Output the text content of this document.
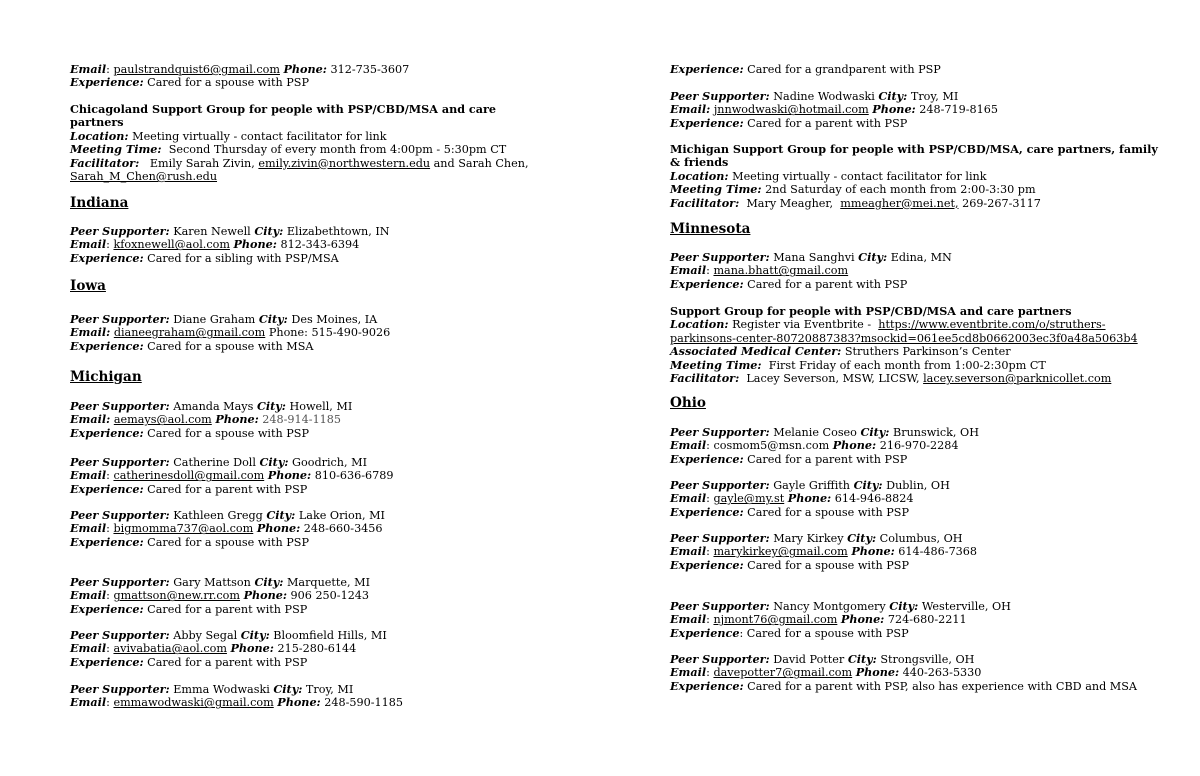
Email: paulstrandquist6@gmail.com Phone: 312-735-3607
Experience: Cared for a spouse with PSP
Chicagoland Support Group for people with PSP/CBD/MSA and care
partners
Location: Meeting virtually - contact facilitator for link
Meeting Time: Second Thursday of every month from 4:00pm - 5:30pm CT
Facilitator: Emily Sarah Zivin, emily.zivin@northwestern.edu and Sarah Chen,
Sarah_M_Chen@rush.edu
Indiana
Peer Supporter: Karen Newell City: Elizabethtown, IN
Email: kfoxnewell@aol.com Phone: 812-343-6394
Experience: Cared for a sibling with PSP/MSA
Iowa
Peer Supporter: Diane Graham City: Des Moines, IA
Email: dianeegraham@gmail.com Phone: 515-490-9026
Experience: Cared for a spouse with MSA
Michigan
Peer Supporter: Amanda Mays City: Howell, MI
Email: aemays@aol.com Phone: 248-914-1185
Experience: Cared for a spouse with PSP
Peer Supporter: Catherine Doll City: Goodrich, MI
Email: catherinesdoll@gmail.com Phone: 810-636-6789
Experience: Cared for a parent with PSP
Peer Supporter: Kathleen Gregg City: Lake Orion, MI
Email: bigmomma737@aol.com Phone: 248-660-3456
Experience: Cared for a spouse with PSP
Peer Supporter: Gary Mattson City: Marquette, MI
Email: gmattson@new.rr.com Phone: 906 250-1243
Experience: Cared for a parent with PSP
Peer Supporter: Abby Segal City: Bloomfield Hills, MI
Email: avivabatia@aol.com Phone: 215-280-6144
Experience: Cared for a parent with PSP
Peer Supporter: Emma Wodwaski City: Troy, MI
Email: emmawodwaski@gmail.com Phone: 248-590-1185
Experience: Cared for a grandparent with PSP
Peer Supporter: Nadine Wodwaski City: Troy, MI
Email: jnnwodwaski@hotmail.com Phone: 248-719-8165
Experience: Cared for a parent with PSP
Michigan Support Group for people with PSP/CBD/MSA, care partners, family
& friends
Location: Meeting virtually - contact facilitator for link
Meeting Time: 2nd Saturday of each month from 2:00-3:30 pm
Facilitator: Mary Meagher, mmeagher@mei.net, 269-267-3117
Minnesota
Peer Supporter: Mana Sanghvi City: Edina, MN
Email: mana.bhatt@gmail.com
Experience: Cared for a parent with PSP
Support Group for people with PSP/CBD/MSA and care partners
Location: Register via Eventbrite - https://www.eventbrite.com/o/struthers-
parkinsons-center-80720887383?msockid=061ee5cd8b0662003ec3f0a48a5063b4
Associated Medical Center: Struthers Parkinson’s Center
Meeting Time: First Friday of each month from 1:00-2:30pm CT
Facilitator: Lacey Severson, MSW, LICSW, lacey.severson@parknicollet.com
Ohio
Peer Supporter: Melanie Coseo City: Brunswick, OH
Email: cosmom5@msn.com Phone: 216-970-2284
Experience: Cared for a parent with PSP
Peer Supporter: Gayle Griffith City: Dublin, OH
Email: gayle@my.st Phone: 614-946-8824
Experience: Cared for a spouse with PSP
Peer Supporter: Mary Kirkey City: Columbus, OH
Email: marykirkey@gmail.com Phone: 614-486-7368
Experience: Cared for a spouse with PSP
Peer Supporter: Nancy Montgomery City: Westerville, OH
Email: njmont76@gmail.com Phone: 724-680-2211
Experience: Cared for a spouse with PSP
Peer Supporter: David Potter City: Strongsville, OH
Email: davepotter7@gmail.com Phone: 440-263-5330
Experience: Cared for a parent with PSP, also has experience with CBD and MSA
